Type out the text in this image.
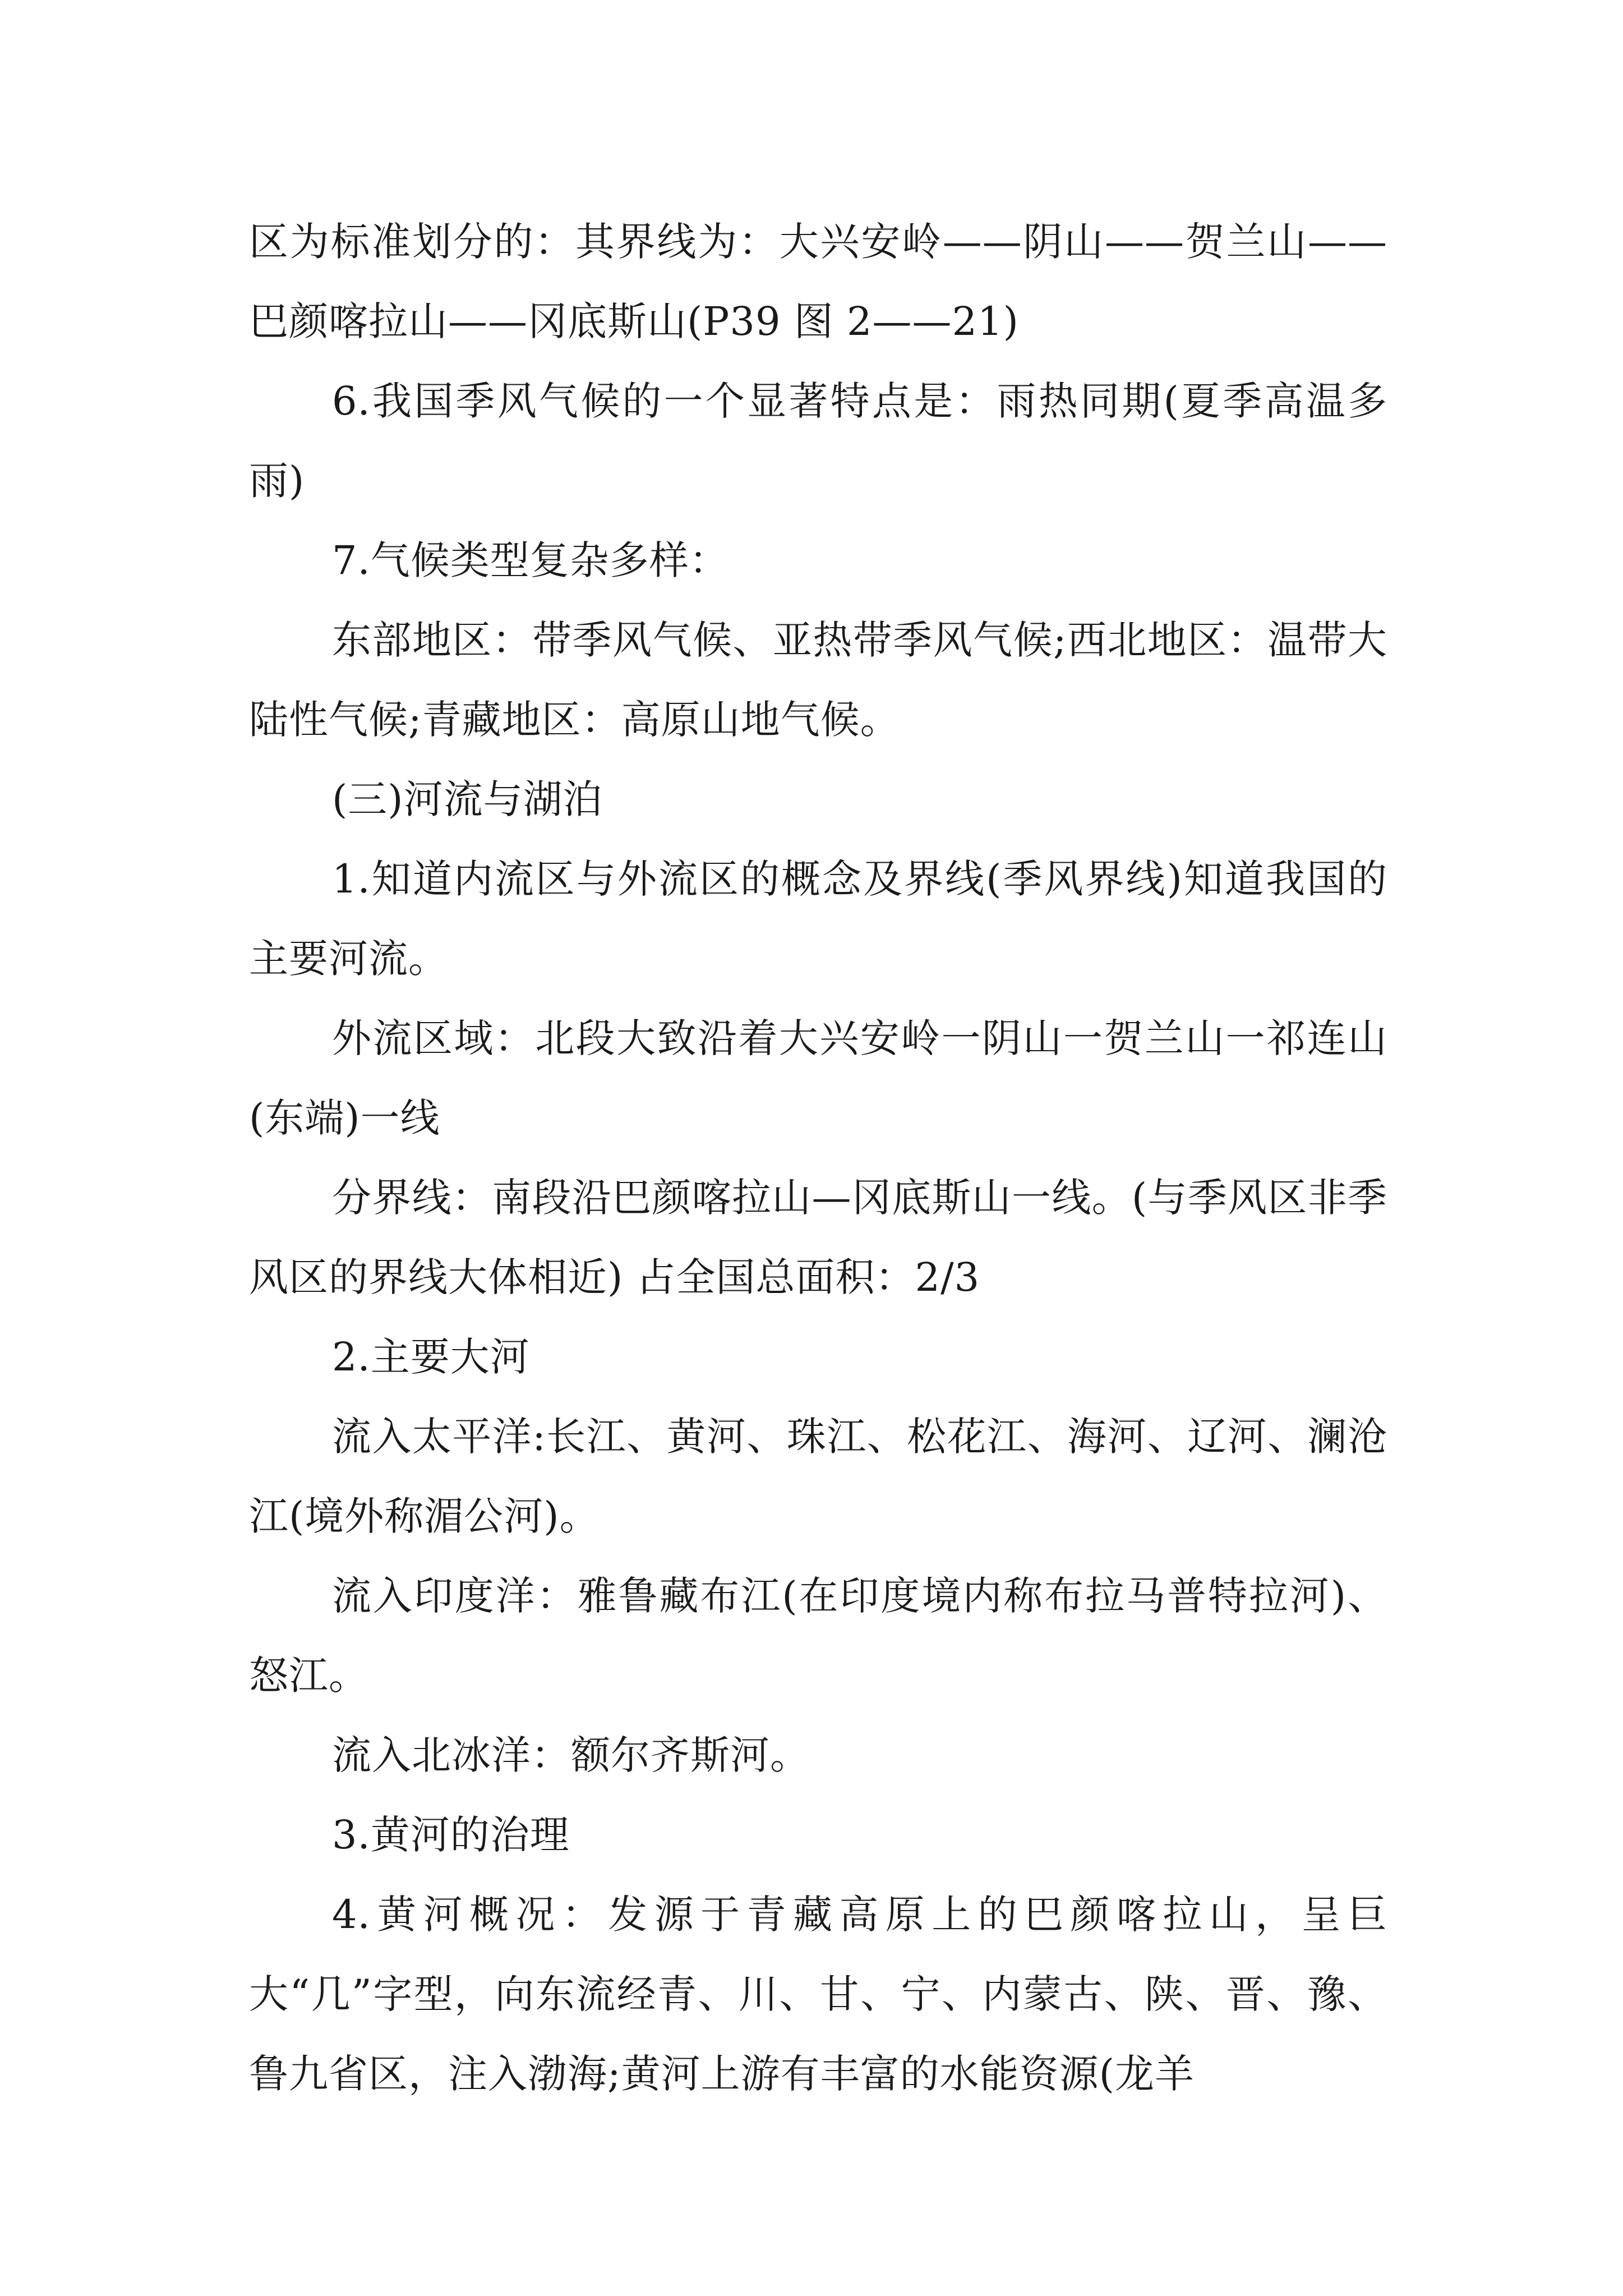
区为标准划分的：其界线为：大兴安岭——阴山——贺兰山——巴颜喀拉山——冈底斯山(P39 图 2——21)

6.我国季风气候的一个显著特点是：雨热同期(夏季高温多雨)

7.气候类型复杂多样：

东部地区：带季风气候、亚热带季风气候;西北地区：温带大陆性气候;青藏地区：高原山地气候。

(三)河流与湖泊

1.知道内流区与外流区的概念及界线(季风界线)知道我国的主要河流。

外流区域：北段大致沿着大兴安岭一阴山一贺兰山一祁连山(东端)一线

分界线：南段沿巴颜喀拉山—冈底斯山一线。(与季风区非季风区的界线大体相近) 占全国总面积：2/3

2.主要大河

流入太平洋:长江、黄河、珠江、松花江、海河、辽河、澜沧江(境外称湄公河)。

流入印度洋：雅鲁藏布江(在印度境内称布拉马普特拉河)、怒江。

流入北冰洋：额尔齐斯河。

3.黄河的治理

4.黄河概况：发源于青藏高原上的巴颜喀拉山，呈巨大“几”字型，向东流经青、川、甘、宁、内蒙古、陕、晋、豫、鲁九省区，注入渤海;黄河上游有丰富的水能资源(龙羊
